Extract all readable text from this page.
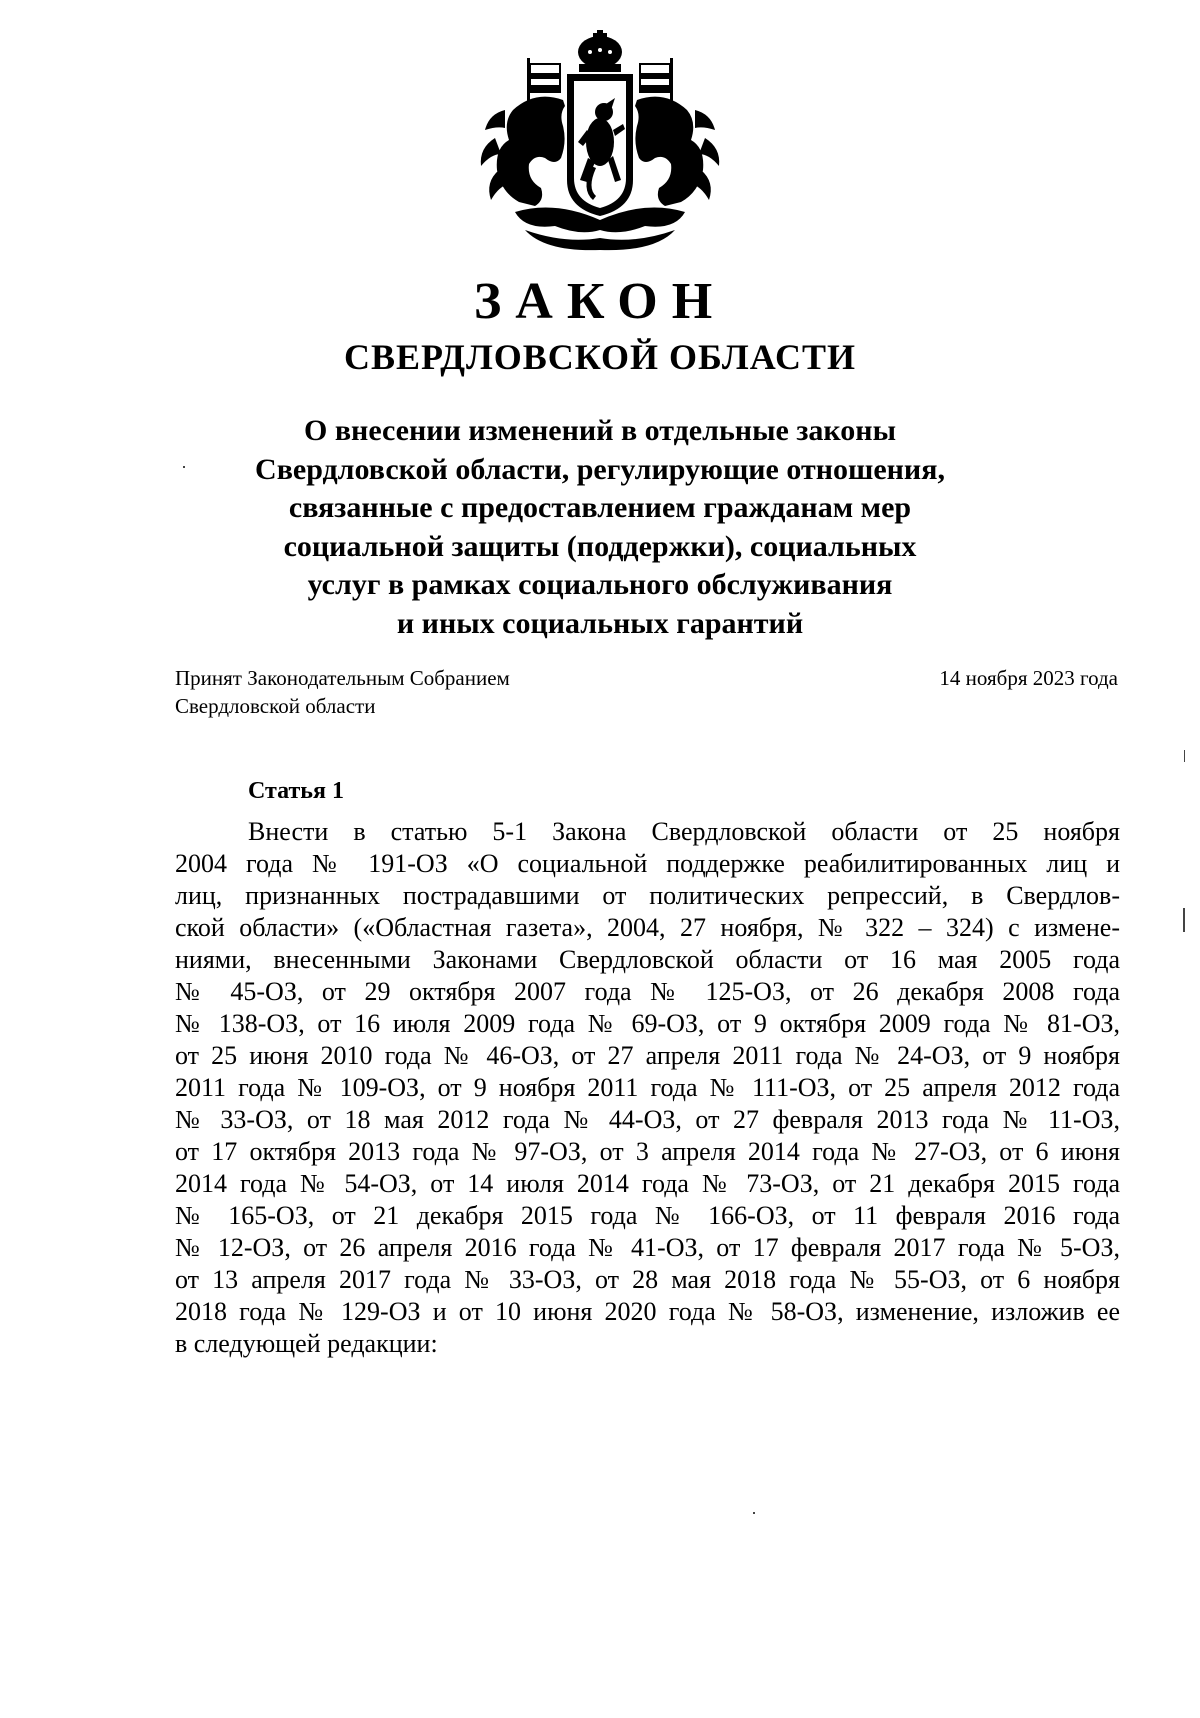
ЗАКОН
СВЕРДЛОВСКОЙ ОБЛАСТИ
О внесении изменений в отдельные законы
Свердловской области, регулирующие отношения,
связанные с предоставлением гражданам мер
социальной защиты (поддержки), социальных
услуг в рамках социального обслуживания
и иных социальных гарантий
Принят Законодательным Собранием
Свердловской области
14 ноября 2023 года
Статья 1
Внести в статью 5-1 Закона Свердловской области от 25 ноября
2004 года № 191-ОЗ «О социальной поддержке реабилитированных лиц и
лиц, признанных пострадавшими от политических репрессий, в Свердлов-
ской области» («Областная газета», 2004, 27 ноября, № 322 – 324) с измене-
ниями, внесенными Законами Свердловской области от 16 мая 2005 года
№ 45-ОЗ, от 29 октября 2007 года № 125-ОЗ, от 26 декабря 2008 года
№ 138-ОЗ, от 16 июля 2009 года № 69-ОЗ, от 9 октября 2009 года № 81-ОЗ,
от 25 июня 2010 года № 46-ОЗ, от 27 апреля 2011 года № 24-ОЗ, от 9 ноября
2011 года № 109-ОЗ, от 9 ноября 2011 года № 111-ОЗ, от 25 апреля 2012 года
№ 33-ОЗ, от 18 мая 2012 года № 44-ОЗ, от 27 февраля 2013 года № 11-ОЗ,
от 17 октября 2013 года № 97-ОЗ, от 3 апреля 2014 года № 27-ОЗ, от 6 июня
2014 года № 54-ОЗ, от 14 июля 2014 года № 73-ОЗ, от 21 декабря 2015 года
№ 165-ОЗ, от 21 декабря 2015 года № 166-ОЗ, от 11 февраля 2016 года
№ 12-ОЗ, от 26 апреля 2016 года № 41-ОЗ, от 17 февраля 2017 года № 5-ОЗ,
от 13 апреля 2017 года № 33-ОЗ, от 28 мая 2018 года № 55-ОЗ, от 6 ноября
2018 года № 129-ОЗ и от 10 июня 2020 года № 58-ОЗ, изменение, изложив ее
в следующей редакции:
